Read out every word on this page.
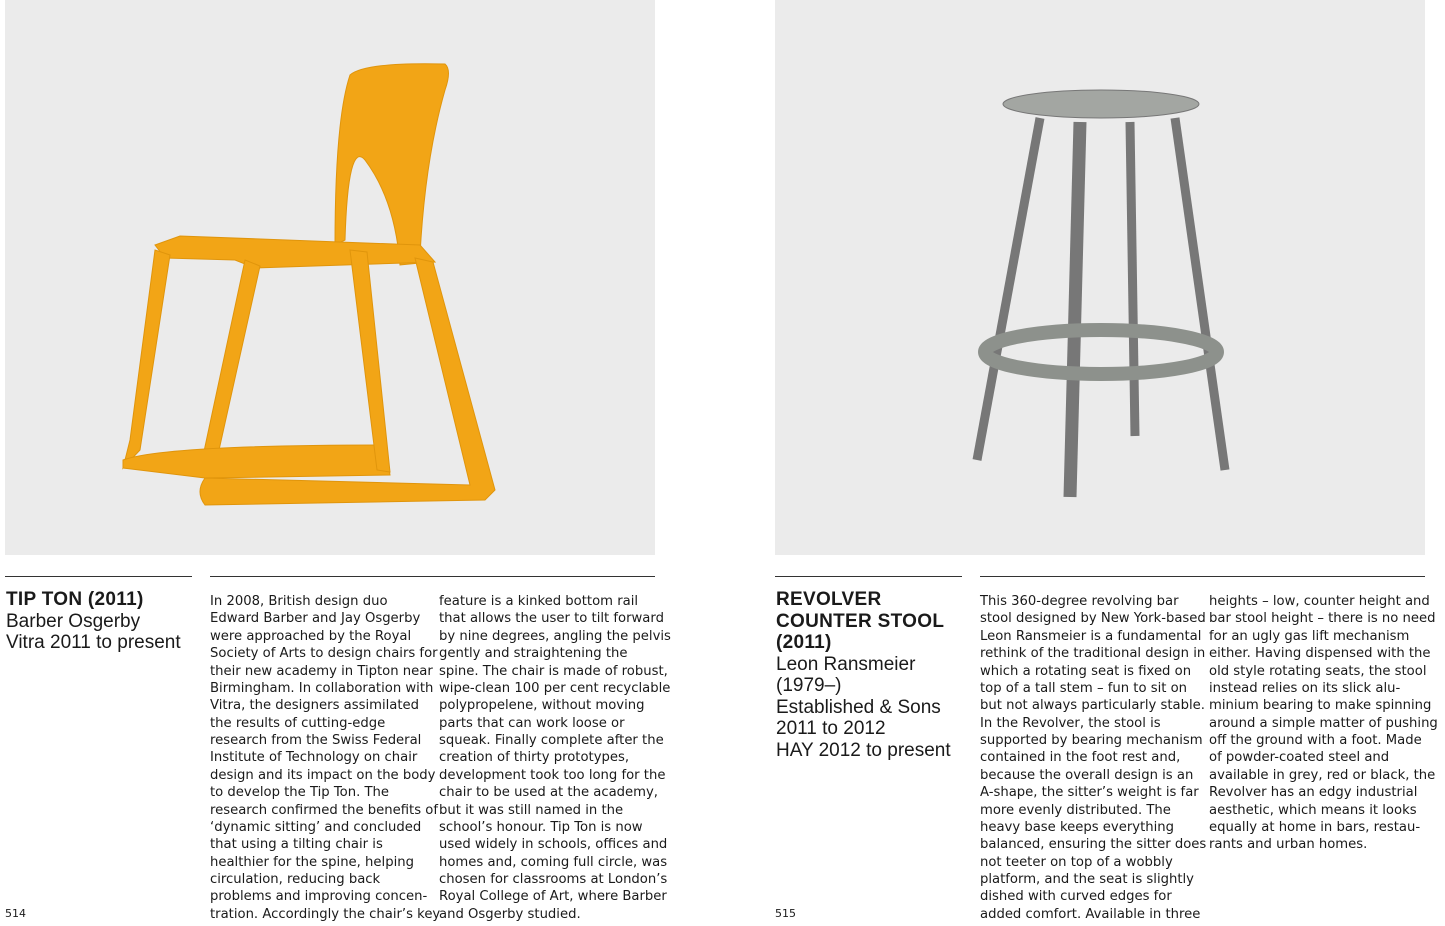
TIP TON (2011)
Barber Osgerby
Vitra 2011 to present
In 2008, British design duo
Edward Barber and Jay Osgerby
were approached by the Royal
Society of Arts to design chairs for
their new academy in Tipton near
Birmingham. In collaboration with
Vitra, the designers assimilated
the results of cutting-edge
research from the Swiss Federal
Institute of Technology on chair
design and its impact on the body
to develop the Tip Ton. The
research confirmed the benefits of
‘dynamic sitting’ and concluded
that using a tilting chair is
healthier for the spine, helping
circulation, reducing back
problems and improving concen-
tration. Accordingly the chair’s key
feature is a kinked bottom rail
that allows the user to tilt forward
by nine degrees, angling the pelvis
gently and straightening the
spine. The chair is made of robust,
wipe-clean 100 per cent recyclable
polypropelene, without moving
parts that can work loose or
squeak. Finally complete after the
creation of thirty prototypes,
development took too long for the
chair to be used at the academy,
but it was still named in the
school’s honour. Tip Ton is now
used widely in schools, offices and
homes and, coming full circle, was
chosen for classrooms at London’s
Royal College of Art, where Barber
and Osgerby studied.
514
REVOLVER
COUNTER STOOL
(2011)
Leon Ransmeier
(1979–)
Established & Sons
2011 to 2012
HAY 2012 to present
This 360-degree revolving bar
stool designed by New York-based
Leon Ransmeier is a fundamental
rethink of the traditional design in
which a rotating seat is fixed on
top of a tall stem – fun to sit on
but not always particularly stable.
In the Revolver, the stool is
supported by bearing mechanism
contained in the foot rest and,
because the overall design is an
A-shape, the sitter’s weight is far
more evenly distributed. The
heavy base keeps everything
balanced, ensuring the sitter does
not teeter on top of a wobbly
platform, and the seat is slightly
dished with curved edges for
added comfort. Available in three
heights – low, counter height and
bar stool height – there is no need
for an ugly gas lift mechanism
either. Having dispensed with the
old style rotating seats, the stool
instead relies on its slick alu-
minium bearing to make spinning
around a simple matter of pushing
off the ground with a foot. Made
of powder-coated steel and
available in grey, red or black, the
Revolver has an edgy industrial
aesthetic, which means it looks
equally at home in bars, restau-
rants and urban homes.
515
